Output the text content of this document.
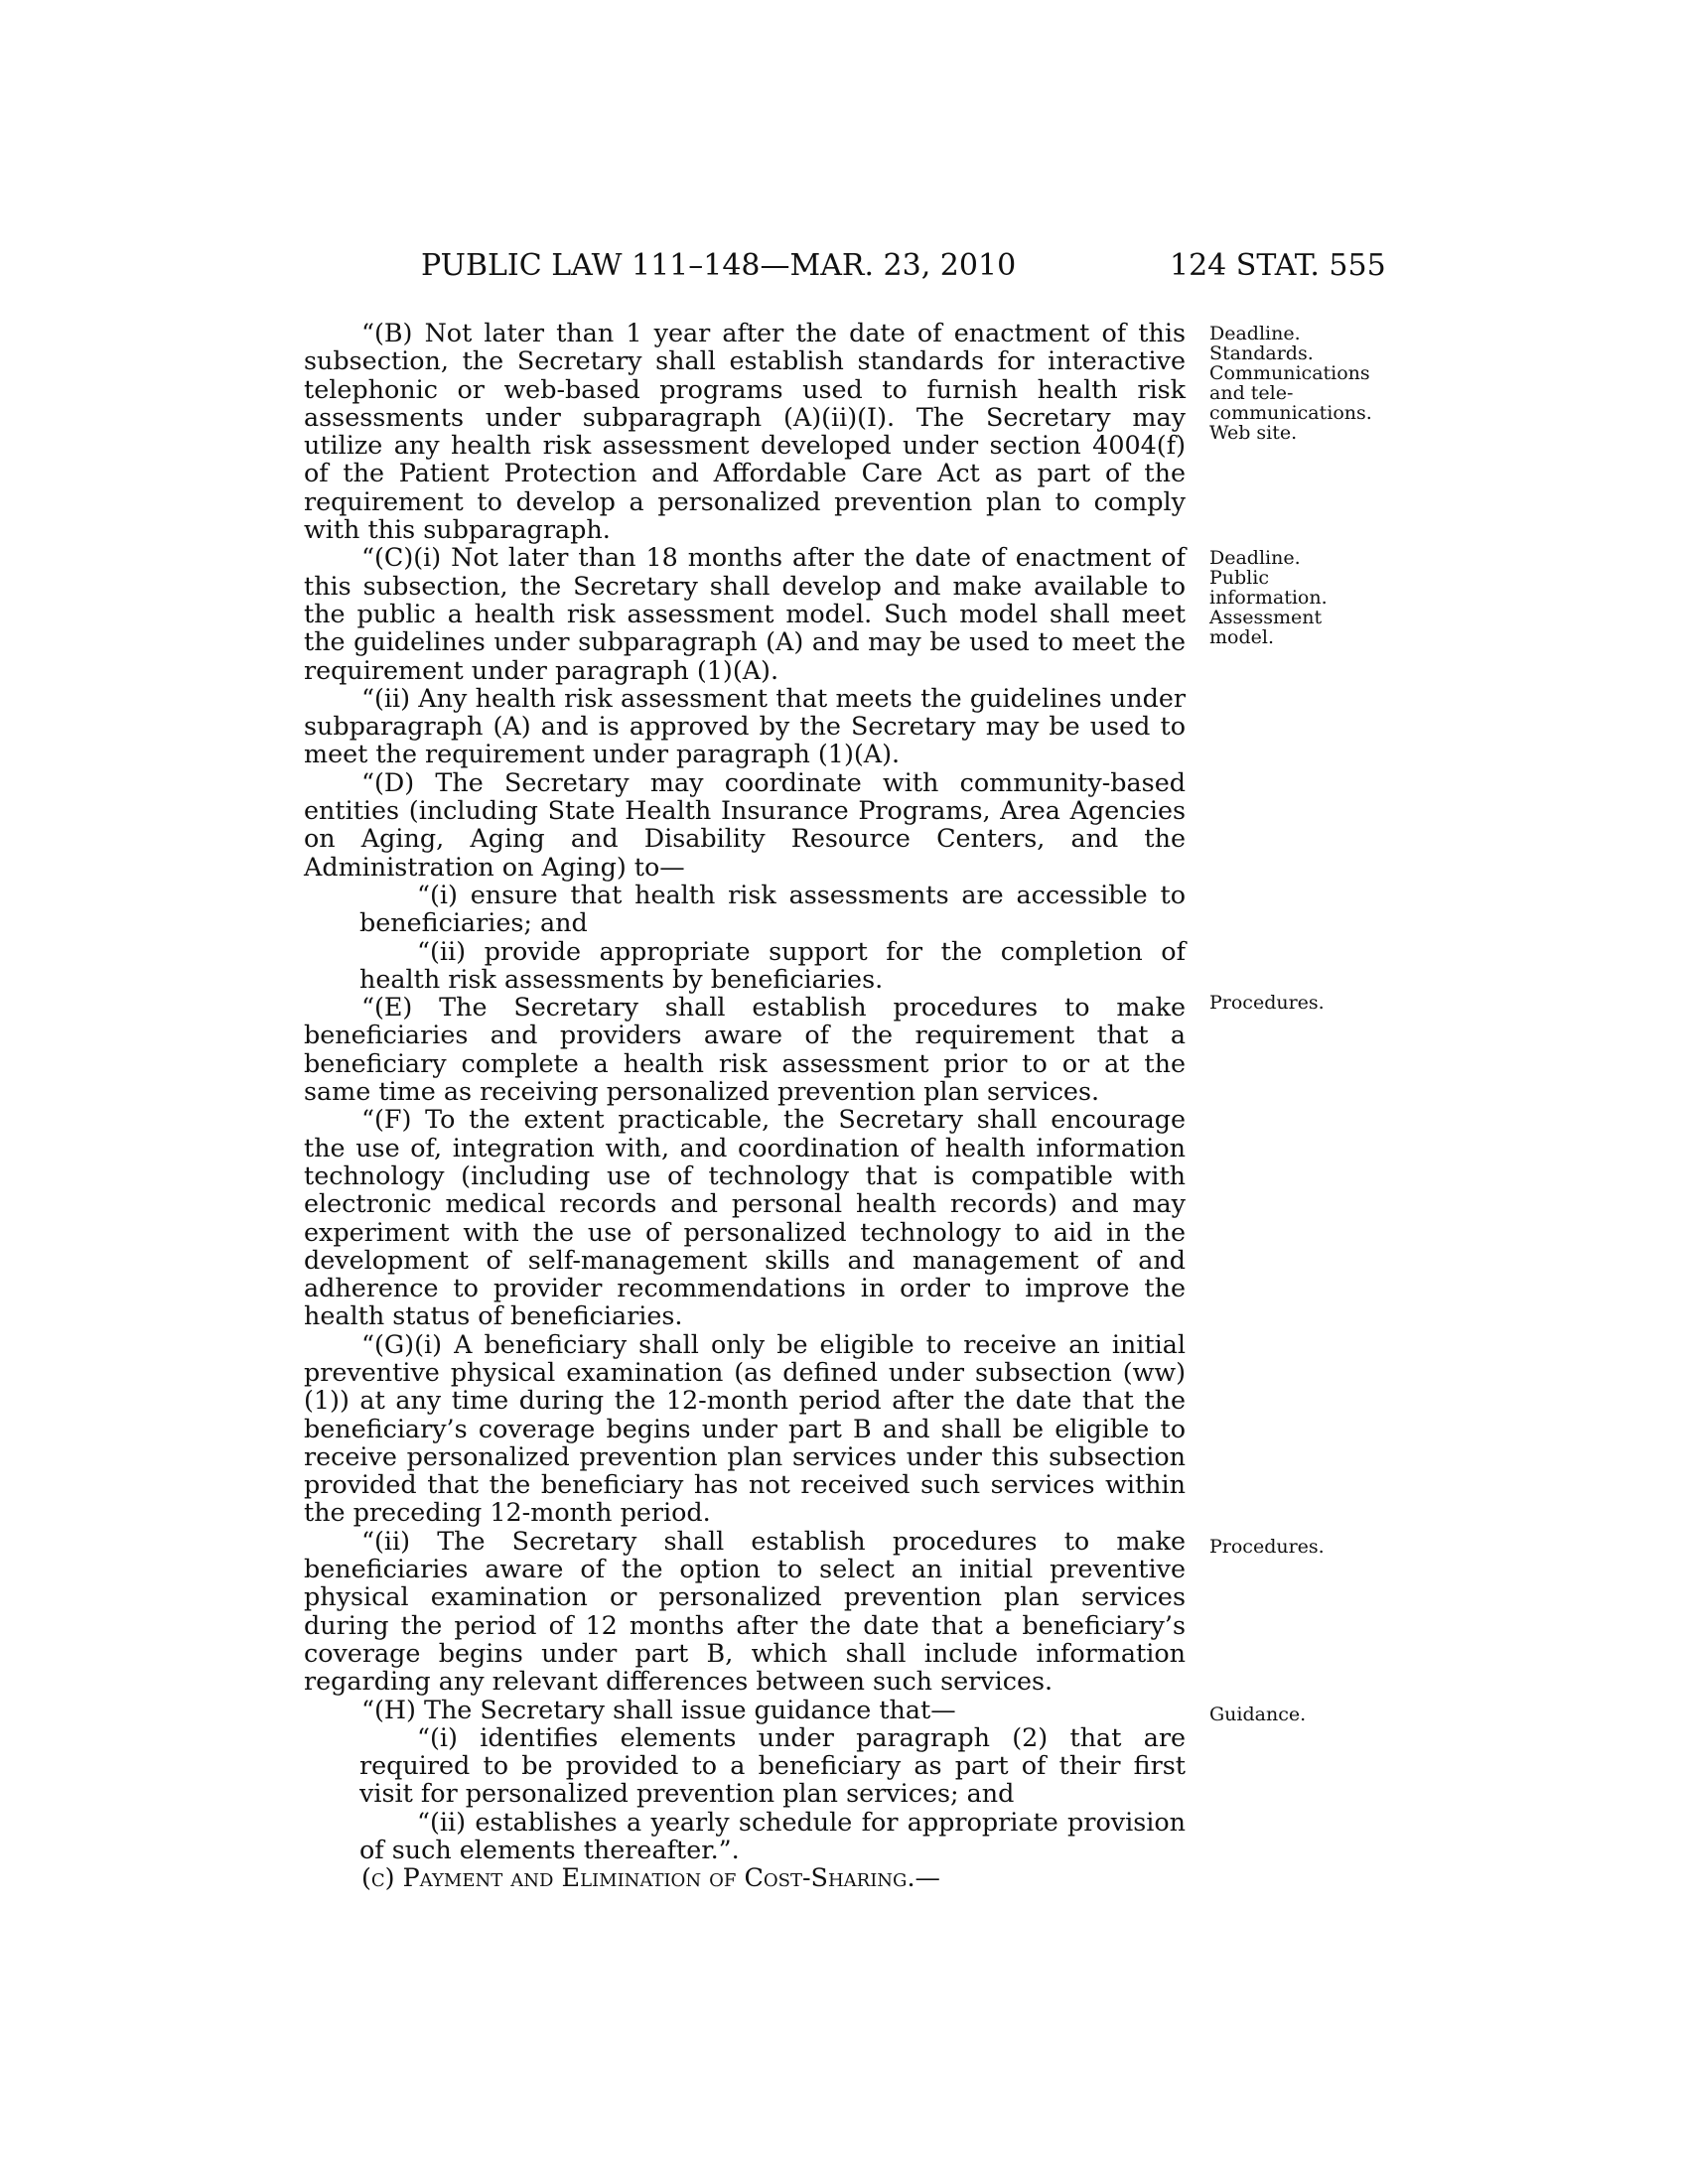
PUBLIC LAW 111–148—MAR. 23, 2010	124 STAT. 555

“(B) Not later than 1 year after the date of enactment of this subsection, the Secretary shall establish standards for interactive telephonic or web-based programs used to furnish health risk assessments under subparagraph (A)(ii)(I). The Secretary may utilize any health risk assessment developed under section 4004(f) of the Patient Protection and Affordable Care Act as part of the requirement to develop a personalized prevention plan to comply with this subparagraph.

“(C)(i) Not later than 18 months after the date of enactment of this subsection, the Secretary shall develop and make available to the public a health risk assessment model. Such model shall meet the guidelines under subparagraph (A) and may be used to meet the requirement under paragraph (1)(A).

“(ii) Any health risk assessment that meets the guidelines under subparagraph (A) and is approved by the Secretary may be used to meet the requirement under paragraph (1)(A).

“(D) The Secretary may coordinate with community-based entities (including State Health Insurance Programs, Area Agencies on Aging, Aging and Disability Resource Centers, and the Administration on Aging) to—

“(i) ensure that health risk assessments are accessible to beneficiaries; and

“(ii) provide appropriate support for the completion of health risk assessments by beneficiaries.

“(E) The Secretary shall establish procedures to make beneficiaries and providers aware of the requirement that a beneficiary complete a health risk assessment prior to or at the same time as receiving personalized prevention plan services.

“(F) To the extent practicable, the Secretary shall encourage the use of, integration with, and coordination of health information technology (including use of technology that is compatible with electronic medical records and personal health records) and may experiment with the use of personalized technology to aid in the development of self-management skills and management of and adherence to provider recommendations in order to improve the health status of beneficiaries.

“(G)(i) A beneficiary shall only be eligible to receive an initial preventive physical examination (as defined under subsection (ww)(1)) at any time during the 12-month period after the date that the beneficiary’s coverage begins under part B and shall be eligible to receive personalized prevention plan services under this subsection provided that the beneficiary has not received such services within the preceding 12-month period.

“(ii) The Secretary shall establish procedures to make beneficiaries aware of the option to select an initial preventive physical examination or personalized prevention plan services during the period of 12 months after the date that a beneficiary’s coverage begins under part B, which shall include information regarding any relevant differences between such services.

“(H) The Secretary shall issue guidance that—

“(i) identifies elements under paragraph (2) that are required to be provided to a beneficiary as part of their first visit for personalized prevention plan services; and

“(ii) establishes a yearly schedule for appropriate provision of such elements thereafter.”.

(c) Payment and Elimination of Cost-Sharing.—

Deadline.
Standards.
Communications
and tele-
communications.
Web site.
Deadline.
Public
information.
Assessment
model.
Procedures.
Procedures.
Guidance.
